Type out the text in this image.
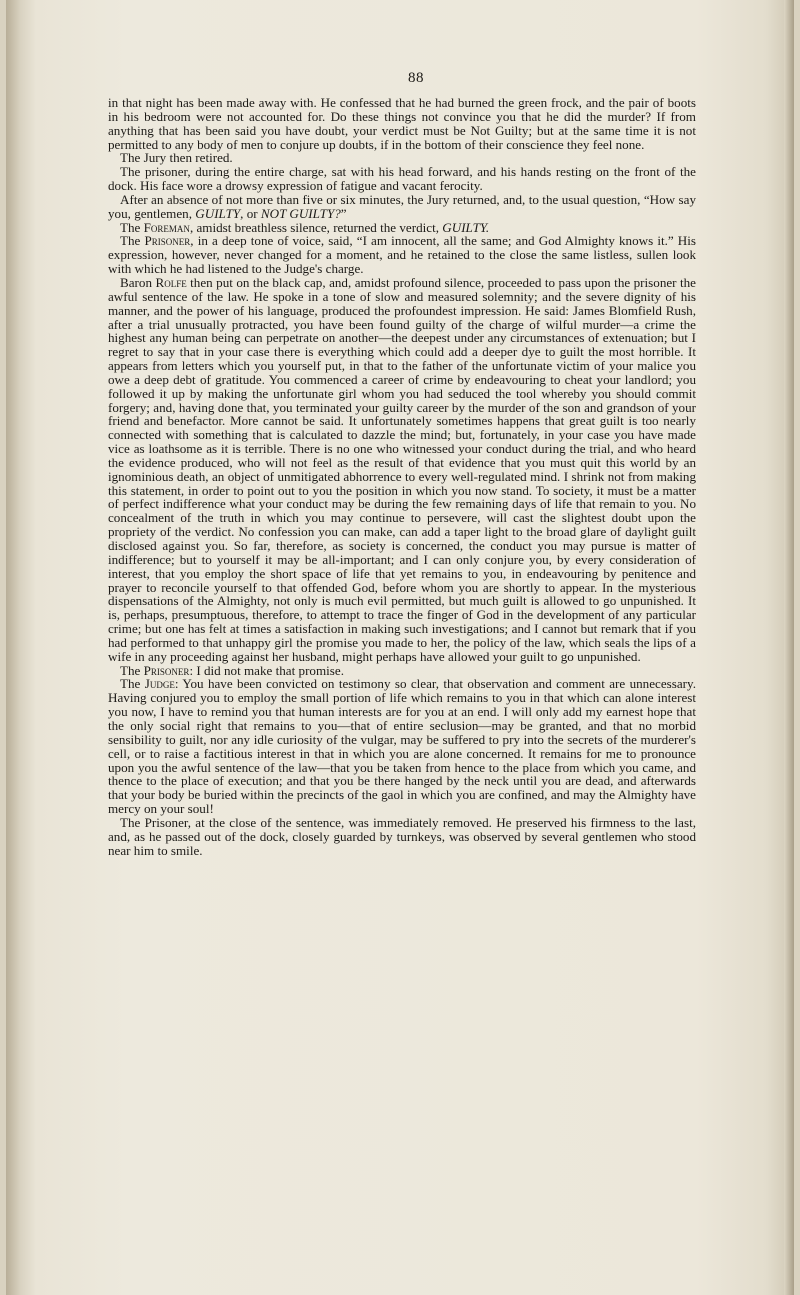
88

in that night has been made away with. He confessed that he had burned the green frock, and the pair of boots in his bedroom were not accounted for. Do these things not convince you that he did the murder? If from anything that has been said you have doubt, your verdict must be Not Guilty; but at the same time it is not permitted to any body of men to conjure up doubts, if in the bottom of their conscience they feel none.

The Jury then retired.

The prisoner, during the entire charge, sat with his head forward, and his hands resting on the front of the dock. His face wore a drowsy expression of fatigue and vacant ferocity.

After an absence of not more than five or six minutes, the Jury returned, and, to the usual question, “How say you, gentlemen, GUILTY, or NOT GUILTY?”

The Foreman, amidst breathless silence, returned the verdict, GUILTY.

The Prisoner, in a deep tone of voice, said, “I am innocent, all the same; and God Almighty knows it.” His expression, however, never changed for a moment, and he retained to the close the same listless, sullen look with which he had listened to the Judge's charge.

Baron Rolfe then put on the black cap, and, amidst profound silence, proceeded to pass upon the prisoner the awful sentence of the law. He spoke in a tone of slow and measured solemnity; and the severe dignity of his manner, and the power of his language, produced the profoundest impression. He said: James Blomfield Rush, after a trial unusually protracted, you have been found guilty of the charge of wilful murder—a crime the highest any human being can perpetrate on another—the deepest under any circumstances of extenuation; but I regret to say that in your case there is everything which could add a deeper dye to guilt the most horrible. It appears from letters which you yourself put, in that to the father of the unfortunate victim of your malice you owe a deep debt of gratitude. You commenced a career of crime by endeavouring to cheat your landlord; you followed it up by making the unfortunate girl whom you had seduced the tool whereby you should commit forgery; and, having done that, you terminated your guilty career by the murder of the son and grandson of your friend and benefactor. More cannot be said. It unfortunately sometimes happens that great guilt is too nearly connected with something that is calculated to dazzle the mind; but, fortunately, in your case you have made vice as loathsome as it is terrible. There is no one who witnessed your conduct during the trial, and who heard the evidence produced, who will not feel as the result of that evidence that you must quit this world by an ignominious death, an object of unmitigated abhorrence to every well-regulated mind. I shrink not from making this statement, in order to point out to you the position in which you now stand. To society, it must be a matter of perfect indifference what your conduct may be during the few remaining days of life that remain to you. No concealment of the truth in which you may continue to persevere, will cast the slightest doubt upon the propriety of the verdict. No confession you can make, can add a taper light to the broad glare of daylight guilt disclosed against you. So far, therefore, as society is concerned, the conduct you may pursue is matter of indifference; but to yourself it may be all-important; and I can only conjure you, by every consideration of interest, that you employ the short space of life that yet remains to you, in endeavouring by penitence and prayer to reconcile yourself to that offended God, before whom you are shortly to appear. In the mysterious dispensations of the Almighty, not only is much evil permitted, but much guilt is allowed to go unpunished. It is, perhaps, presumptuous, therefore, to attempt to trace the finger of God in the development of any particular crime; but one has felt at times a satisfaction in making such investigations; and I cannot but remark that if you had performed to that unhappy girl the promise you made to her, the policy of the law, which seals the lips of a wife in any proceeding against her husband, might perhaps have allowed your guilt to go unpunished.

The Prisoner: I did not make that promise.

The Judge: You have been convicted on testimony so clear, that observation and comment are unnecessary. Having conjured you to employ the small portion of life which remains to you in that which can alone interest you now, I have to remind you that human interests are for you at an end. I will only add my earnest hope that the only social right that remains to you—that of entire seclusion—may be granted, and that no morbid sensibility to guilt, nor any idle curiosity of the vulgar, may be suffered to pry into the secrets of the murderer's cell, or to raise a factitious interest in that in which you are alone concerned. It remains for me to pronounce upon you the awful sentence of the law—that you be taken from hence to the place from which you came, and thence to the place of execution; and that you be there hanged by the neck until you are dead, and afterwards that your body be buried within the precincts of the gaol in which you are confined, and may the Almighty have mercy on your soul!

The Prisoner, at the close of the sentence, was immediately removed. He preserved his firmness to the last, and, as he passed out of the dock, closely guarded by turnkeys, was observed by several gentlemen who stood near him to smile.
